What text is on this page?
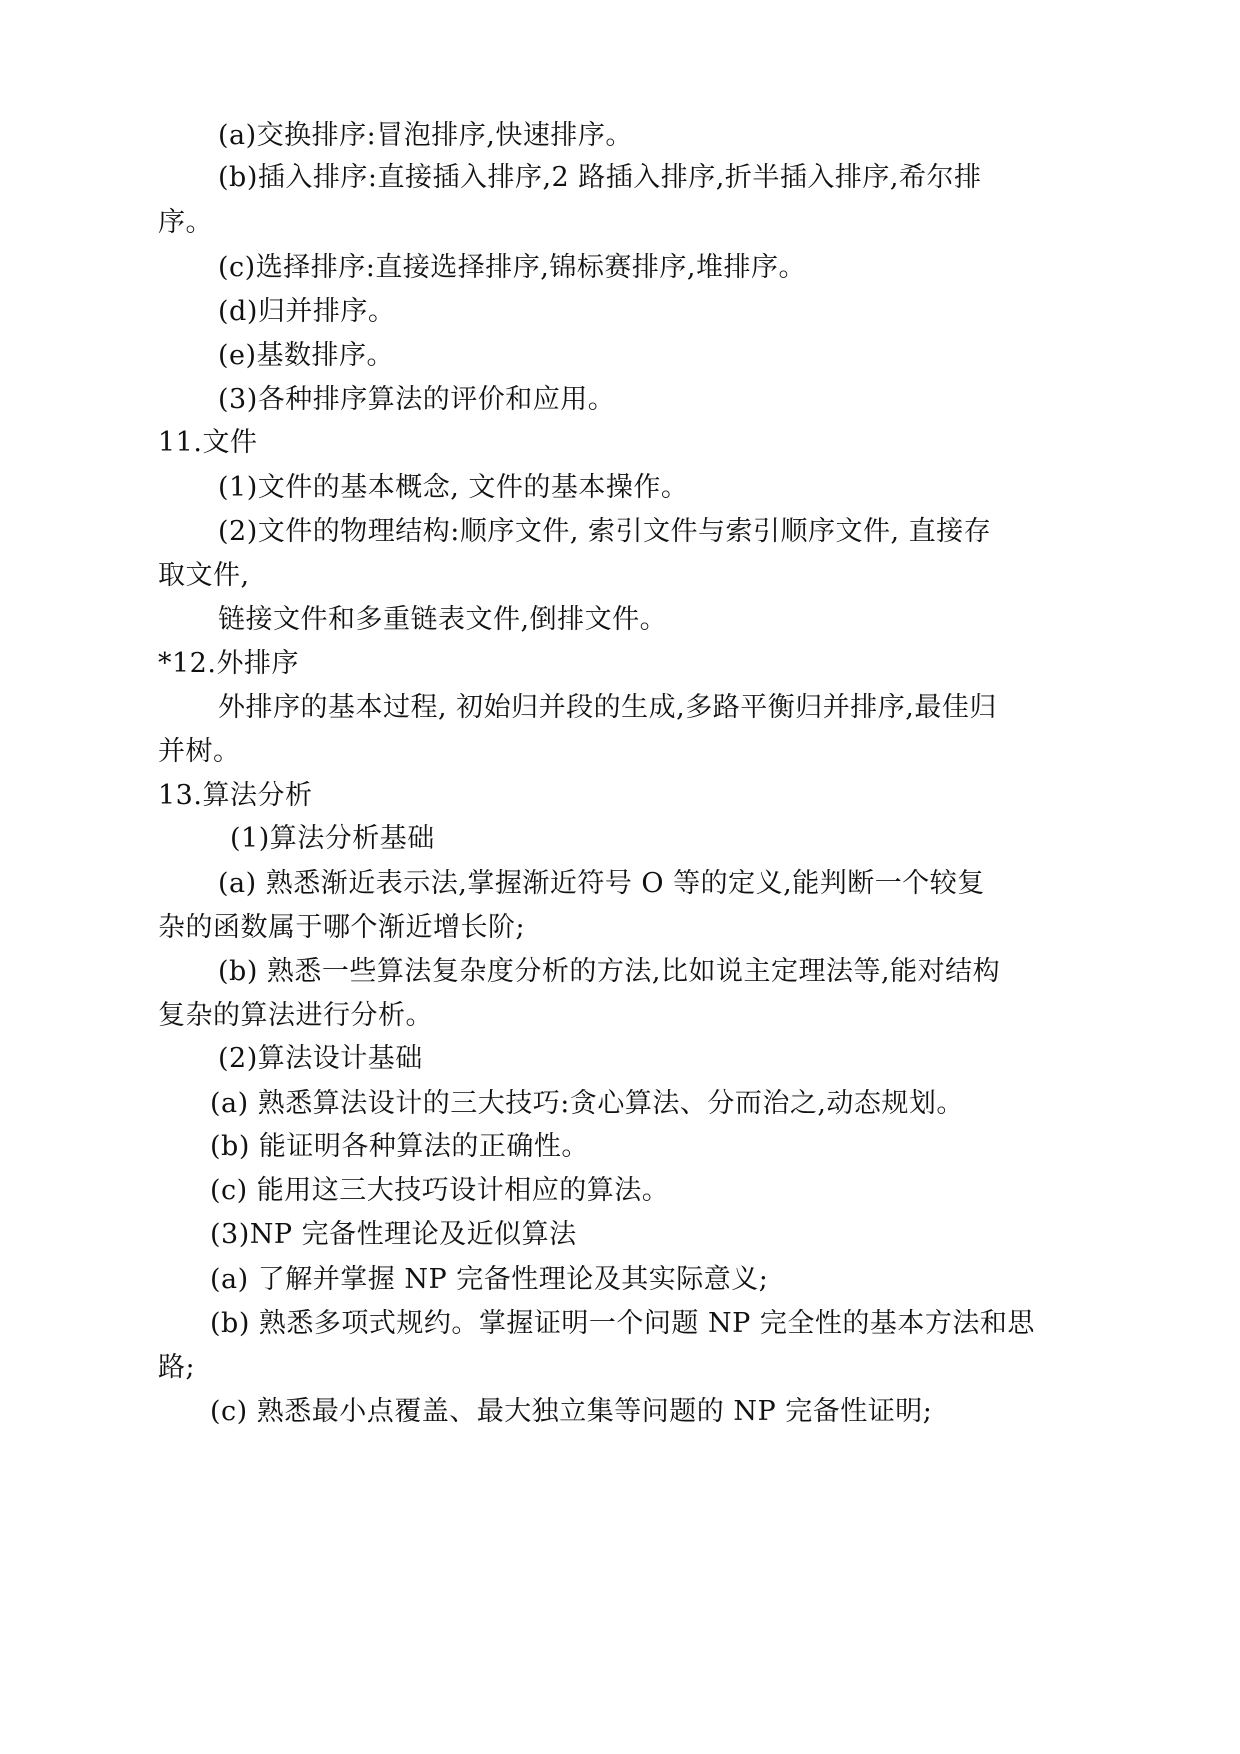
(a)交换排序:冒泡排序,快速排序。
(b)插入排序:直接插入排序,2 路插入排序,折半插入排序,希尔排
序。
(c)选择排序:直接选择排序,锦标赛排序,堆排序。
(d)归并排序。
(e)基数排序。
(3)各种排序算法的评价和应用。
11.文件
(1)文件的基本概念, 文件的基本操作。
(2)文件的物理结构:顺序文件, 索引文件与索引顺序文件, 直接存
取文件,
链接文件和多重链表文件,倒排文件。
*12.外排序
外排序的基本过程, 初始归并段的生成,多路平衡归并排序,最佳归
并树。
13.算法分析
(1)算法分析基础
(a) 熟悉渐近表示法,掌握渐近符号 O 等的定义,能判断一个较复
杂的函数属于哪个渐近增长阶;
(b) 熟悉一些算法复杂度分析的方法,比如说主定理法等,能对结构
复杂的算法进行分析。
(2)算法设计基础
(a) 熟悉算法设计的三大技巧:贪心算法、分而治之,动态规划。
(b) 能证明各种算法的正确性。
(c) 能用这三大技巧设计相应的算法。
(3)NP 完备性理论及近似算法
(a) 了解并掌握 NP 完备性理论及其实际意义;
(b) 熟悉多项式规约。掌握证明一个问题 NP 完全性的基本方法和思
路;
(c) 熟悉最小点覆盖、最大独立集等问题的 NP 完备性证明;
